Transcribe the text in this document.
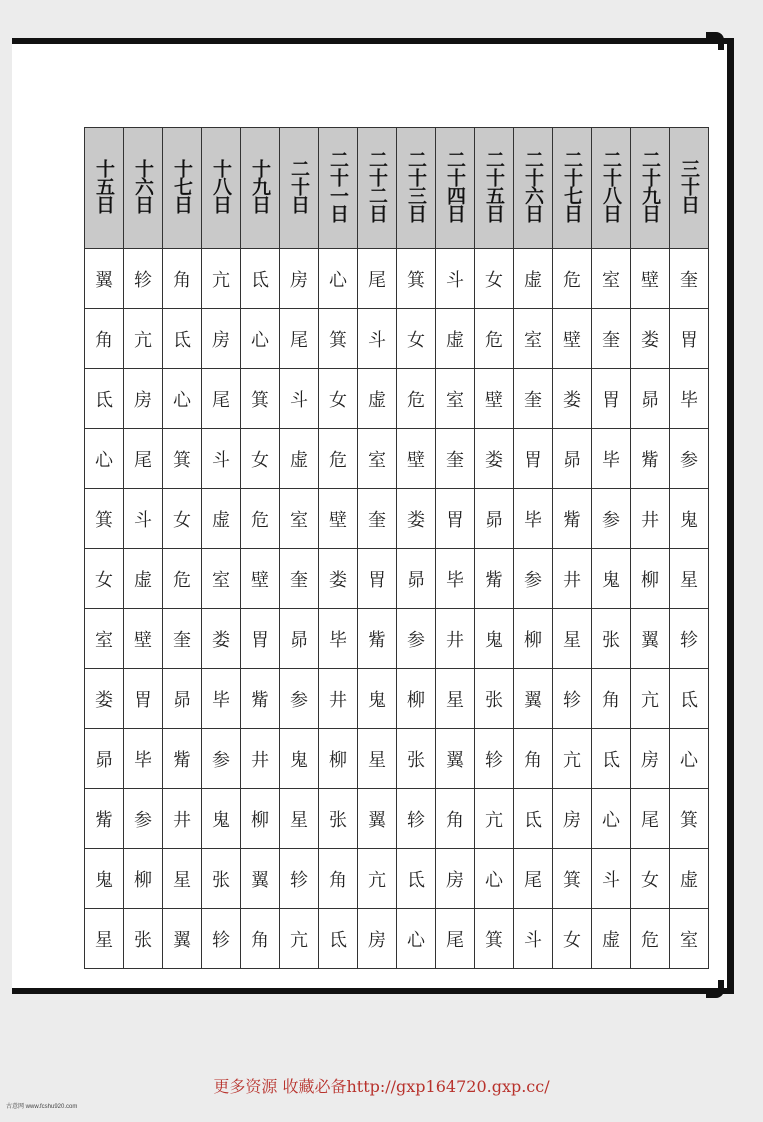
十五日	十六日	十七日	十八日	十九日	二十日	二十一日	二十二日	二十三日	二十四日	二十五日	二十六日	二十七日	二十八日	二十九日	三十日
翼	轸	角	亢	氐	房	心	尾	箕	斗	女	虚	危	室	壁	奎
角	亢	氐	房	心	尾	箕	斗	女	虚	危	室	壁	奎	娄	胃
氐	房	心	尾	箕	斗	女	虚	危	室	壁	奎	娄	胃	昴	毕
心	尾	箕	斗	女	虚	危	室	壁	奎	娄	胃	昴	毕	觜	参
箕	斗	女	虚	危	室	壁	奎	娄	胃	昴	毕	觜	参	井	鬼
女	虚	危	室	壁	奎	娄	胃	昴	毕	觜	参	井	鬼	柳	星
室	壁	奎	娄	胃	昴	毕	觜	参	井	鬼	柳	星	张	翼	轸
娄	胃	昴	毕	觜	参	井	鬼	柳	星	张	翼	轸	角	亢	氐
昴	毕	觜	参	井	鬼	柳	星	张	翼	轸	角	亢	氐	房	心
觜	参	井	鬼	柳	星	张	翼	轸	角	亢	氐	房	心	尾	箕
鬼	柳	星	张	翼	轸	角	亢	氐	房	心	尾	箕	斗	女	虚
星	张	翼	轸	角	亢	氐	房	心	尾	箕	斗	女	虚	危	室
更多资源 收藏必备http://gxp164720.gxp.cc/
古意网 www.fcshu920.com
